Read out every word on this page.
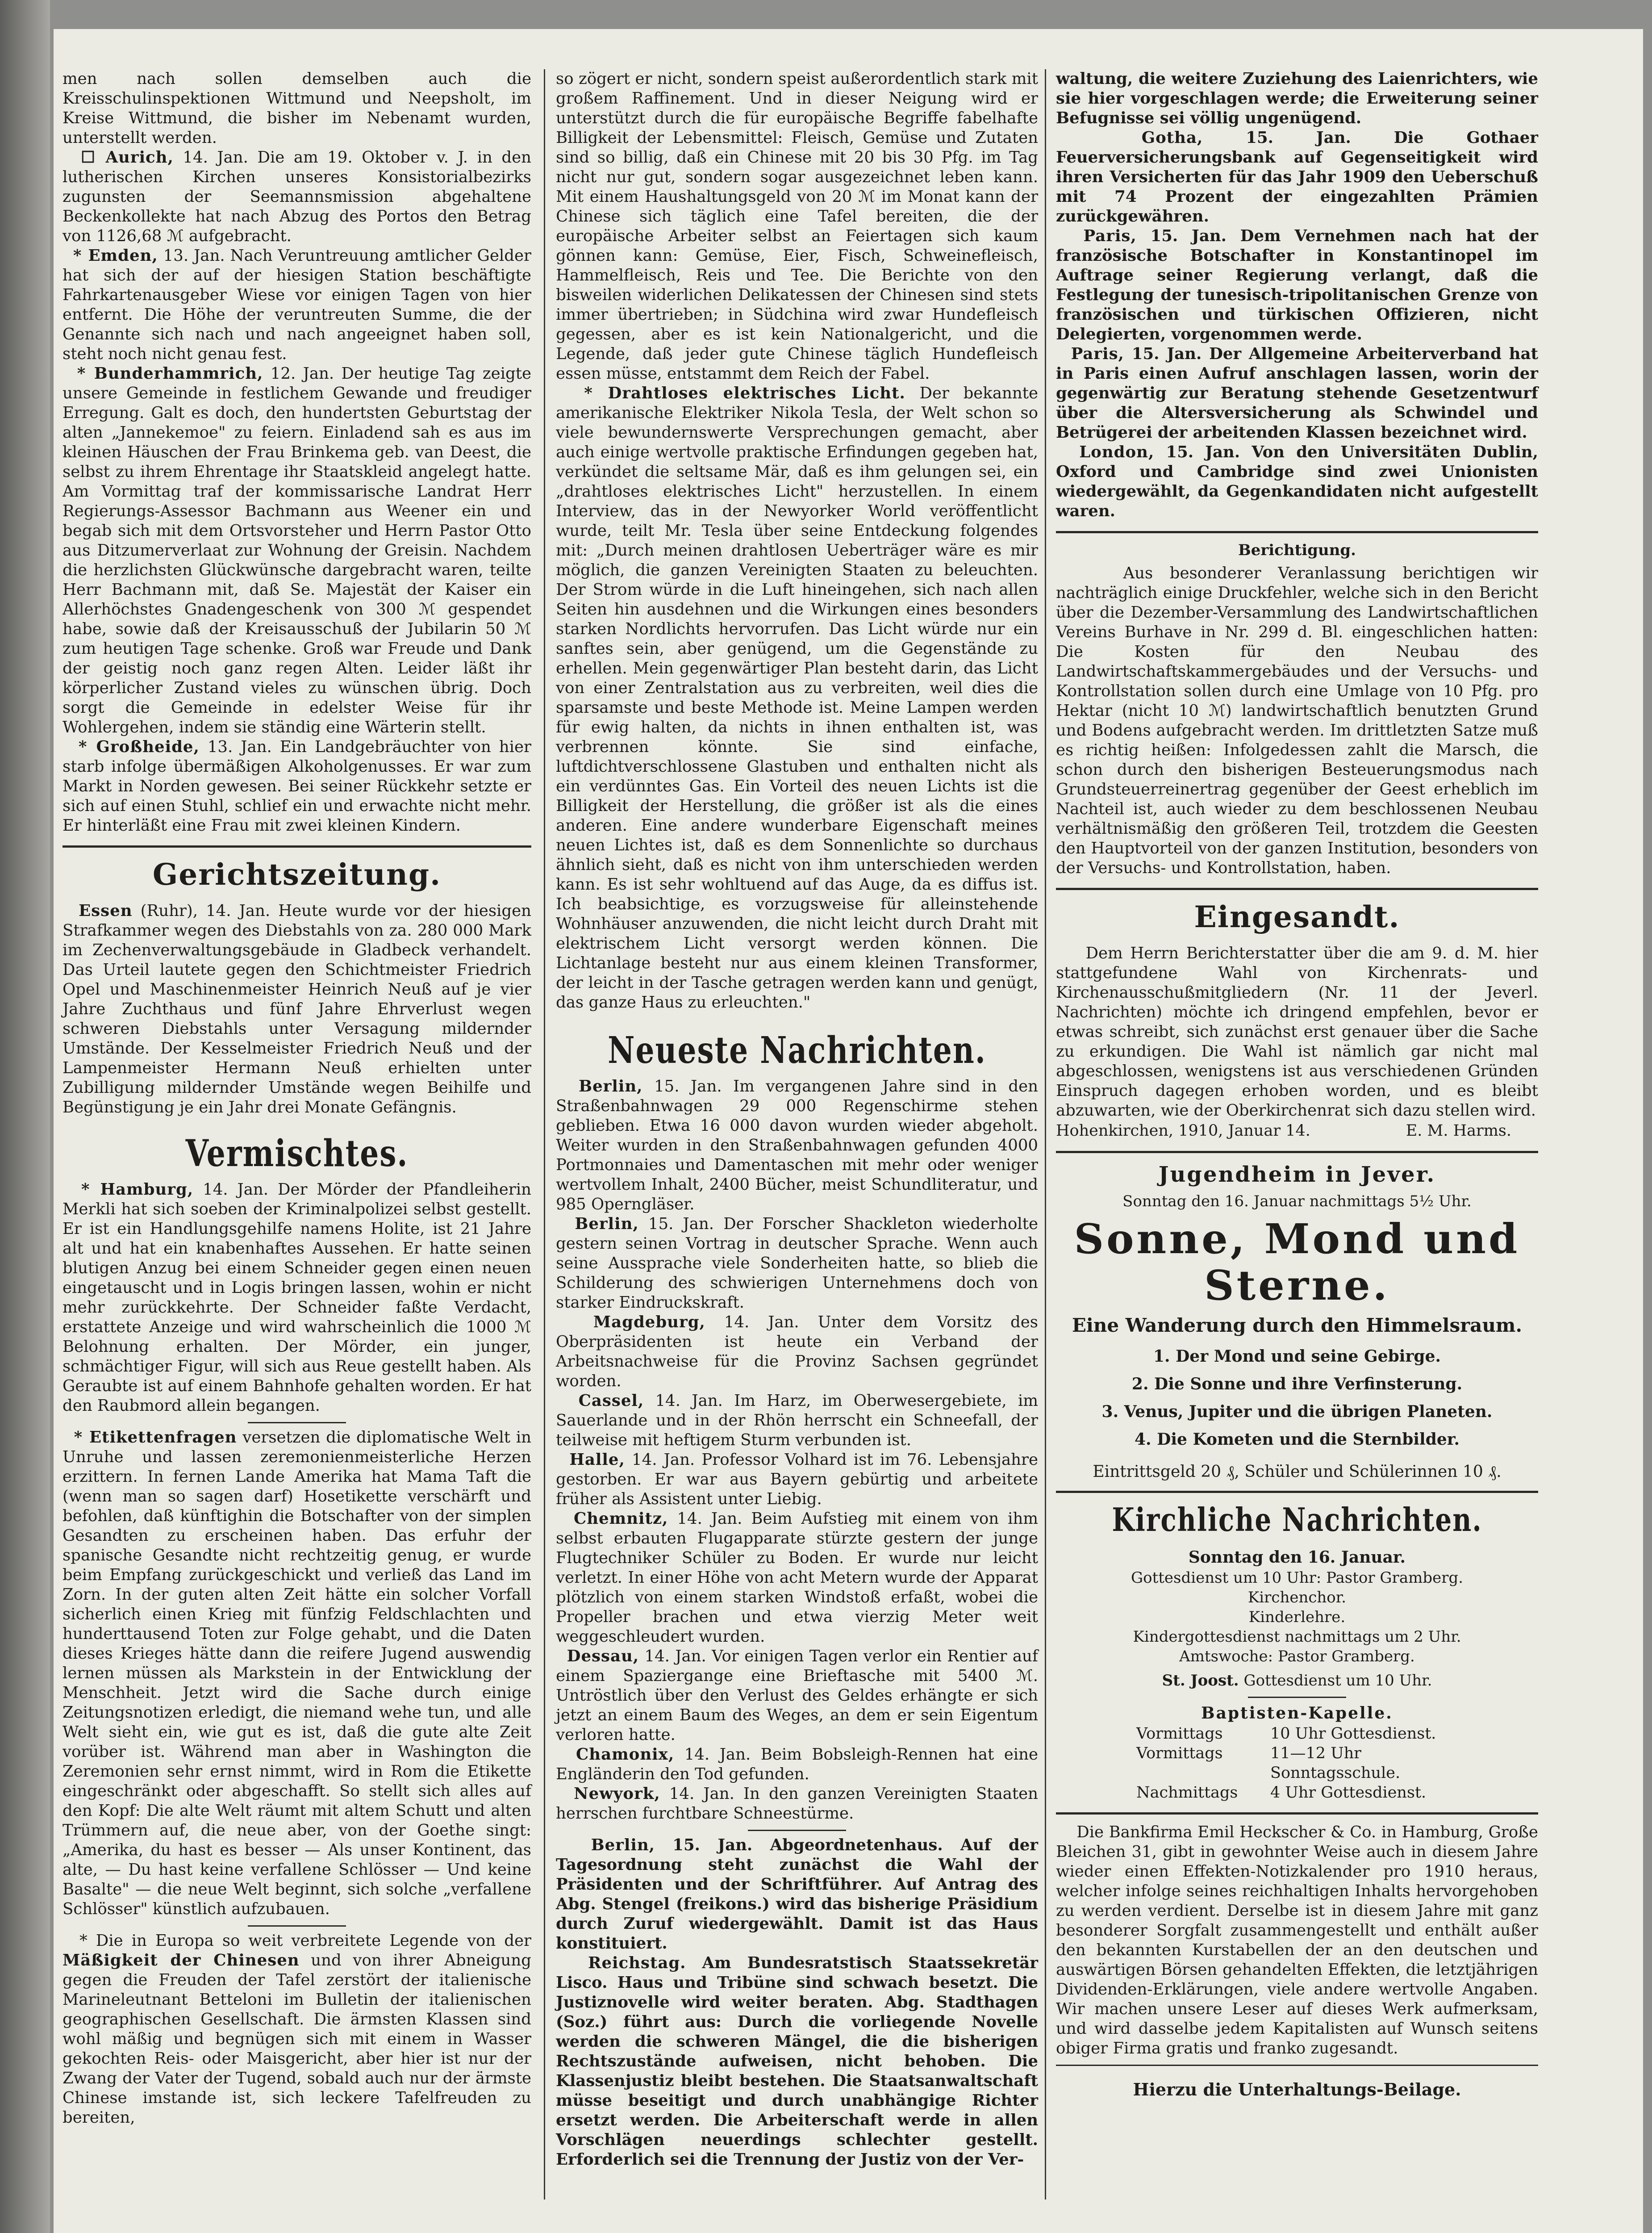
men nach sollen demselben auch die Kreisschulinspektionen Wittmund und Neepsholt, im Kreise Wittmund, die bisher im Nebenamt wurden, unterstellt werden.

☐ Aurich, 14. Jan. Die am 19. Oktober v. J. in den lutherischen Kirchen unseres Konsistorialbezirks zugunsten der Seemannsmission abgehaltene Beckenkollekte hat nach Abzug des Portos den Betrag von 1126,68 ℳ aufgebracht.

* Emden, 13. Jan. Nach Veruntreuung amtlicher Gelder hat sich der auf der hiesigen Station beschäftigte Fahrkartenausgeber Wiese vor einigen Tagen von hier entfernt. Die Höhe der veruntreuten Summe, die der Genannte sich nach und nach angeeignet haben soll, steht noch nicht genau fest.

* Bunderhammrich, 12. Jan. Der heutige Tag zeigte unsere Gemeinde in festlichem Gewande und freudiger Erregung. Galt es doch, den hundertsten Geburtstag der alten „Jannekemoe" zu feiern. Einladend sah es aus im kleinen Häuschen der Frau Brinkema geb. van Deest, die selbst zu ihrem Ehrentage ihr Staatskleid angelegt hatte. Am Vormittag traf der kommissarische Landrat Herr Regierungs-Assessor Bachmann aus Weener ein und begab sich mit dem Ortsvorsteher und Herrn Pastor Otto aus Ditzumerverlaat zur Wohnung der Greisin. Nachdem die herzlichsten Glückwünsche dargebracht waren, teilte Herr Bachmann mit, daß Se. Majestät der Kaiser ein Allerhöchstes Gnadengeschenk von 300 ℳ gespendet habe, sowie daß der Kreisausschuß der Jubilarin 50 ℳ zum heutigen Tage schenke. Groß war Freude und Dank der geistig noch ganz regen Alten. Leider läßt ihr körperlicher Zustand vieles zu wünschen übrig. Doch sorgt die Gemeinde in edelster Weise für ihr Wohlergehen, indem sie ständig eine Wärterin stellt.

* Großheide, 13. Jan. Ein Landgebräuchter von hier starb infolge übermäßigen Alkoholgenusses. Er war zum Markt in Norden gewesen. Bei seiner Rückkehr setzte er sich auf einen Stuhl, schlief ein und erwachte nicht mehr. Er hinterläßt eine Frau mit zwei kleinen Kindern.

Gerichtszeitung.

Essen (Ruhr), 14. Jan. Heute wurde vor der hiesigen Strafkammer wegen des Diebstahls von za. 280 000 Mark im Zechenverwaltungsgebäude in Gladbeck verhandelt. Das Urteil lautete gegen den Schichtmeister Friedrich Opel und Maschinenmeister Heinrich Neuß auf je vier Jahre Zuchthaus und fünf Jahre Ehrverlust wegen schweren Diebstahls unter Versagung mildernder Umstände. Der Kesselmeister Friedrich Neuß und der Lampenmeister Hermann Neuß erhielten unter Zubilligung mildernder Umstände wegen Beihilfe und Begünstigung je ein Jahr drei Monate Gefängnis.

Vermischtes.

* Hamburg, 14. Jan. Der Mörder der Pfandleiherin Merkli hat sich soeben der Kriminalpolizei selbst gestellt. Er ist ein Handlungsgehilfe namens Holite, ist 21 Jahre alt und hat ein knabenhaftes Aussehen. Er hatte seinen blutigen Anzug bei einem Schneider gegen einen neuen eingetauscht und in Logis bringen lassen, wohin er nicht mehr zurückkehrte. Der Schneider faßte Verdacht, erstattete Anzeige und wird wahrscheinlich die 1000 ℳ Belohnung erhalten. Der Mörder, ein junger, schmächtiger Figur, will sich aus Reue gestellt haben. Als Geraubte ist auf einem Bahnhofe gehalten worden. Er hat den Raubmord allein begangen.

* Etikettenfragen versetzen die diplomatische Welt in Unruhe und lassen zeremonienmeisterliche Herzen erzittern. In fernen Lande Amerika hat Mama Taft die (wenn man so sagen darf) Hosetikette verschärft und befohlen, daß künftighin die Botschafter von der simplen Gesandten zu erscheinen haben. Das erfuhr der spanische Gesandte nicht rechtzeitig genug, er wurde beim Empfang zurückgeschickt und verließ das Land im Zorn. In der guten alten Zeit hätte ein solcher Vorfall sicherlich einen Krieg mit fünfzig Feldschlachten und hunderttausend Toten zur Folge gehabt, und die Daten dieses Krieges hätte dann die reifere Jugend auswendig lernen müssen als Markstein in der Entwicklung der Menschheit. Jetzt wird die Sache durch einige Zeitungsnotizen erledigt, die niemand wehe tun, und alle Welt sieht ein, wie gut es ist, daß die gute alte Zeit vorüber ist. Während man aber in Washington die Zeremonien sehr ernst nimmt, wird in Rom die Etikette eingeschränkt oder abgeschafft. So stellt sich alles auf den Kopf: Die alte Welt räumt mit altem Schutt und alten Trümmern auf, die neue aber, von der Goethe singt: „Amerika, du hast es besser — Als unser Kontinent, das alte, — Du hast keine verfallene Schlösser — Und keine Basalte" — die neue Welt beginnt, sich solche „verfallene Schlösser" künstlich aufzubauen.

* Die in Europa so weit verbreitete Legende von der Mäßigkeit der Chinesen und von ihrer Abneigung gegen die Freuden der Tafel zerstört der italienische Marineleutnant Betteloni im Bulletin der italienischen geographischen Gesellschaft. Die ärmsten Klassen sind wohl mäßig und begnügen sich mit einem in Wasser gekochten Reis- oder Maisgericht, aber hier ist nur der Zwang der Vater der Tugend, sobald auch nur der ärmste Chinese imstande ist, sich leckere Tafelfreuden zu bereiten,

so zögert er nicht, sondern speist außerordentlich stark mit großem Raffinement. Und in dieser Neigung wird er unterstützt durch die für europäische Begriffe fabelhafte Billigkeit der Lebensmittel: Fleisch, Gemüse und Zutaten sind so billig, daß ein Chinese mit 20 bis 30 Pfg. im Tag nicht nur gut, sondern sogar ausgezeichnet leben kann. Mit einem Haushaltungsgeld von 20 ℳ im Monat kann der Chinese sich täglich eine Tafel bereiten, die der europäische Arbeiter selbst an Feiertagen sich kaum gönnen kann: Gemüse, Eier, Fisch, Schweinefleisch, Hammelfleisch, Reis und Tee. Die Berichte von den bisweilen widerlichen Delikatessen der Chinesen sind stets immer übertrieben; in Südchina wird zwar Hundefleisch gegessen, aber es ist kein Nationalgericht, und die Legende, daß jeder gute Chinese täglich Hundefleisch essen müsse, entstammt dem Reich der Fabel.

* Drahtloses elektrisches Licht. Der bekannte amerikanische Elektriker Nikola Tesla, der Welt schon so viele bewundernswerte Versprechungen gemacht, aber auch einige wertvolle praktische Erfindungen gegeben hat, verkündet die seltsame Mär, daß es ihm gelungen sei, ein „drahtloses elektrisches Licht" herzustellen. In einem Interview, das in der Newyorker World veröffentlicht wurde, teilt Mr. Tesla über seine Entdeckung folgendes mit: „Durch meinen drahtlosen Ueberträger wäre es mir möglich, die ganzen Vereinigten Staaten zu beleuchten. Der Strom würde in die Luft hineingehen, sich nach allen Seiten hin ausdehnen und die Wirkungen eines besonders starken Nordlichts hervorrufen. Das Licht würde nur ein sanftes sein, aber genügend, um die Gegenstände zu erhellen. Mein gegenwärtiger Plan besteht darin, das Licht von einer Zentralstation aus zu verbreiten, weil dies die sparsamste und beste Methode ist. Meine Lampen werden für ewig halten, da nichts in ihnen enthalten ist, was verbrennen könnte. Sie sind einfache, luftdichtverschlossene Glastuben und enthalten nicht als ein verdünntes Gas. Ein Vorteil des neuen Lichts ist die Billigkeit der Herstellung, die größer ist als die eines anderen. Eine andere wunderbare Eigenschaft meines neuen Lichtes ist, daß es dem Sonnenlichte so durchaus ähnlich sieht, daß es nicht von ihm unterschieden werden kann. Es ist sehr wohltuend auf das Auge, da es diffus ist. Ich beabsichtige, es vorzugsweise für alleinstehende Wohnhäuser anzuwenden, die nicht leicht durch Draht mit elektrischem Licht versorgt werden können. Die Lichtanlage besteht nur aus einem kleinen Transformer, der leicht in der Tasche getragen werden kann und genügt, das ganze Haus zu erleuchten."

Neueste Nachrichten.

Berlin, 15. Jan. Im vergangenen Jahre sind in den Straßenbahnwagen 29 000 Regenschirme stehen geblieben. Etwa 16 000 davon wurden wieder abgeholt. Weiter wurden in den Straßenbahnwagen gefunden 4000 Portmonnaies und Damentaschen mit mehr oder weniger wertvollem Inhalt, 2400 Bücher, meist Schundliteratur, und 985 Operngläser.

Berlin, 15. Jan. Der Forscher Shackleton wiederholte gestern seinen Vortrag in deutscher Sprache. Wenn auch seine Aussprache viele Sonderheiten hatte, so blieb die Schilderung des schwierigen Unternehmens doch von starker Eindruckskraft.

Magdeburg, 14. Jan. Unter dem Vorsitz des Oberpräsidenten ist heute ein Verband der Arbeitsnachweise für die Provinz Sachsen gegründet worden.

Cassel, 14. Jan. Im Harz, im Oberwesergebiete, im Sauerlande und in der Rhön herrscht ein Schneefall, der teilweise mit heftigem Sturm verbunden ist.

Halle, 14. Jan. Professor Volhard ist im 76. Lebensjahre gestorben. Er war aus Bayern gebürtig und arbeitete früher als Assistent unter Liebig.

Chemnitz, 14. Jan. Beim Aufstieg mit einem von ihm selbst erbauten Flugapparate stürzte gestern der junge Flugtechniker Schüler zu Boden. Er wurde nur leicht verletzt. In einer Höhe von acht Metern wurde der Apparat plötzlich von einem starken Windstoß erfaßt, wobei die Propeller brachen und etwa vierzig Meter weit weggeschleudert wurden.

Dessau, 14. Jan. Vor einigen Tagen verlor ein Rentier auf einem Spaziergange eine Brieftasche mit 5400 ℳ. Untröstlich über den Verlust des Geldes erhängte er sich jetzt an einem Baum des Weges, an dem er sein Eigentum verloren hatte.

Chamonix, 14. Jan. Beim Bobsleigh-Rennen hat eine Engländerin den Tod gefunden.

Newyork, 14. Jan. In den ganzen Vereinigten Staaten herrschen furchtbare Schneestürme.

Berlin, 15. Jan. Abgeordnetenhaus. Auf der Tagesordnung steht zunächst die Wahl der Präsidenten und der Schriftführer. Auf Antrag des Abg. Stengel (freikons.) wird das bisherige Präsidium durch Zuruf wiedergewählt. Damit ist das Haus konstituiert.

Reichstag. Am Bundesratstisch Staatssekretär Lisco. Haus und Tribüne sind schwach besetzt. Die Justiznovelle wird weiter beraten. Abg. Stadthagen (Soz.) führt aus: Durch die vorliegende Novelle werden die schweren Mängel, die die bisherigen Rechtszustände aufweisen, nicht behoben. Die Klassenjustiz bleibt bestehen. Die Staatsanwaltschaft müsse beseitigt und durch unabhängige Richter ersetzt werden. Die Arbeiterschaft werde in allen Vorschlägen neuerdings schlechter gestellt. Erforderlich sei die Trennung der Justiz von der Ver-

waltung, die weitere Zuziehung des Laienrichters, wie sie hier vorgeschlagen werde; die Erweiterung seiner Befugnisse sei völlig ungenügend.

Gotha,	15. Jan. Die Gothaer Feuerversicherungsbank auf Gegenseitigkeit wird ihren Versicherten für das Jahr 1909 den Ueberschuß mit 74 Prozent der eingezahlten Prämien zurückgewähren.

Paris, 15. Jan. Dem Vernehmen nach hat der französische Botschafter in Konstantinopel im Auftrage seiner Regierung verlangt, daß die Festlegung der tunesisch-tripolitanischen Grenze von französischen und türkischen Offizieren, nicht Delegierten, vorgenommen werde.

Paris, 15. Jan. Der Allgemeine Arbeiterverband hat in Paris einen Aufruf anschlagen lassen, worin der gegenwärtig zur Beratung stehende Gesetzentwurf über die Altersversicherung als Schwindel und Betrügerei der arbeitenden Klassen bezeichnet wird.

London, 15. Jan. Von den Universitäten Dublin, Oxford und Cambridge sind zwei Unionisten wiedergewählt, da Gegenkandidaten nicht aufgestellt waren.

Berichtigung.

Aus besonderer Veranlassung berichtigen wir nachträglich einige Druckfehler, welche sich in den Bericht über die Dezember-Versammlung des Landwirtschaftlichen Vereins Burhave in Nr. 299 d. Bl. eingeschlichen hatten: Die Kosten für den Neubau des Landwirtschaftskammergebäudes und der Versuchs- und Kontrollstation sollen durch eine Umlage von 10 Pfg. pro Hektar (nicht 10 ℳ) landwirtschaftlich benutzten Grund und Bodens aufgebracht werden. Im drittletzten Satze muß es richtig heißen: Infolgedessen zahlt die Marsch, die schon durch den bisherigen Besteuerungsmodus nach Grundsteuerreinertrag gegenüber der Geest erheblich im Nachteil ist, auch wieder zu dem beschlossenen Neubau verhältnismäßig den größeren Teil, trotzdem die Geesten den Hauptvorteil von der ganzen Institution, besonders von der Versuchs- und Kontrollstation, haben.

Eingesandt.

Dem Herrn Berichterstatter über die am 9. d. M. hier stattgefundene Wahl von Kirchenrats- und Kirchenausschußmitgliedern (Nr. 11 der Jeverl. Nachrichten) möchte ich dringend empfehlen, bevor er etwas schreibt, sich zunächst erst genauer über die Sache zu erkundigen. Die Wahl ist nämlich gar nicht mal abgeschlossen, wenigstens ist aus verschiedenen Gründen Einspruch dagegen erhoben worden, und es bleibt abzuwarten, wie der Oberkirchenrat sich dazu stellen wird.

Hohenkirchen, 1910, Januar 14.	E. M. Harms.
Jugendheim in Jever.
Sonntag den 16. Januar nachmittags 5½ Uhr.
Sonne, Mond und Sterne.
Eine Wanderung durch den Himmelsraum.
1. Der Mond und seine Gebirge.
2. Die Sonne und ihre Verfinsterung.
3. Venus, Jupiter und die übrigen Planeten.
4. Die Kometen und die Sternbilder.
Eintrittsgeld 20 ₰, Schüler und Schülerinnen 10 ₰.
Kirchliche Nachrichten.
Sonntag den 16. Januar.
Gottesdienst um 10 Uhr: Pastor Gramberg.
Kirchenchor.
Kinderlehre.
Kindergottesdienst nachmittags um 2 Uhr.
Amtswoche: Pastor Gramberg.
St. Joost. Gottesdienst um 10 Uhr.
Baptisten-Kapelle.
Vormittags	10 Uhr Gottesdienst.
Vormittags	11—12 Uhr Sonntagsschule.
Nachmittags	4 Uhr Gottesdienst.

Die Bankfirma Emil Heckscher & Co. in Hamburg, Große Bleichen 31, gibt in gewohnter Weise auch in diesem Jahre wieder einen Effekten-Notizkalender pro 1910 heraus, welcher infolge seines reichhaltigen Inhalts hervorgehoben zu werden verdient. Derselbe ist in diesem Jahre mit ganz besonderer Sorgfalt zusammengestellt und enthält außer den bekannten Kurstabellen der an den deutschen und auswärtigen Börsen gehandelten Effekten, die letztjährigen Dividenden-Erklärungen, viele andere wertvolle Angaben. Wir machen unsere Leser auf dieses Werk aufmerksam, und wird dasselbe jedem Kapitalisten auf Wunsch seitens obiger Firma gratis und franko zugesandt.

Hierzu die Unterhaltungs-Beilage.
